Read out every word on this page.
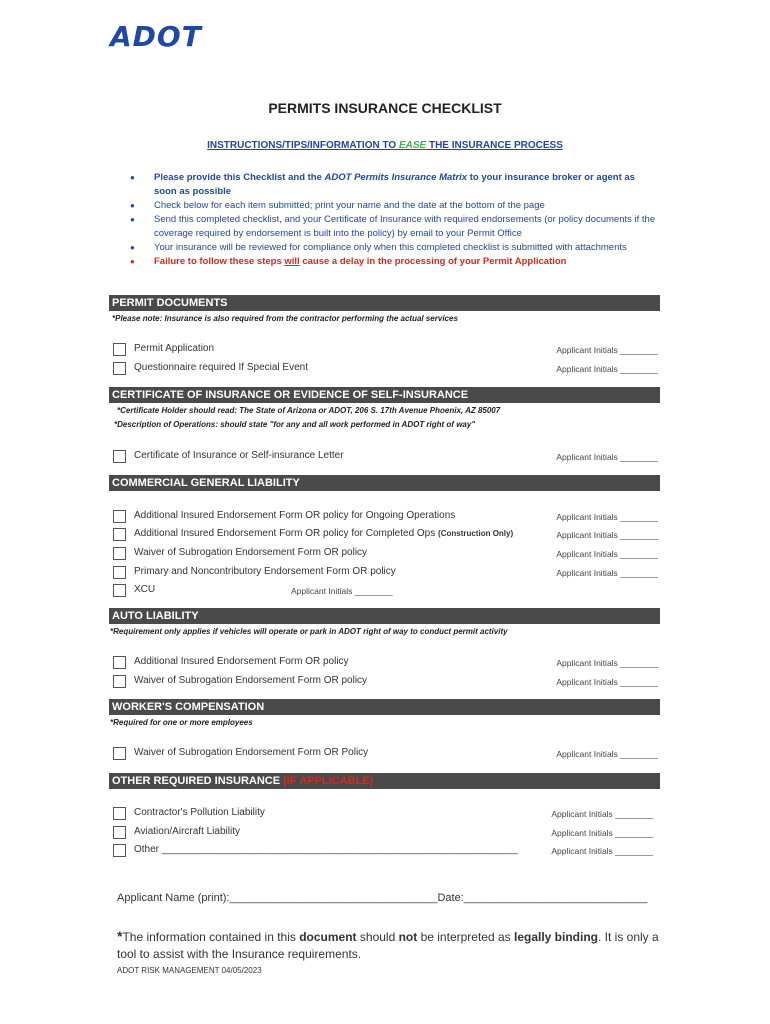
ADOT
PERMITS INSURANCE CHECKLIST
INSTRUCTIONS/TIPS/INFORMATION TO EASE THE INSURANCE PROCESS
● Please provide this Checklist and the ADOT Permits Insurance Matrix to your insurance broker or agent as soon as possible
● Check below for each item submitted; print your name and the date at the bottom of the page
● Send this completed checklist, and your Certificate of Insurance with required endorsements (or policy documents if the coverage required by endorsement is built into the policy) by email to your Permit Office
● Your insurance will be reviewed for compliance only when this completed checklist is submitted with attachments
● Failure to follow these steps will cause a delay in the processing of your Permit Application
PERMIT DOCUMENTS
*Please note: Insurance is also required from the contractor performing the actual services
Permit Application	Applicant Initials ________
Questionnaire required If Special Event	Applicant Initials ________
CERTIFICATE OF INSURANCE OR EVIDENCE OF SELF-INSURANCE
*Certificate Holder should read: The State of Arizona or ADOT, 206 S. 17th Avenue Phoenix, AZ 85007
*Description of Operations: should state "for any and all work performed in ADOT right of way"
Certificate of Insurance or Self-insurance Letter	Applicant Initials ________
COMMERCIAL GENERAL LIABILITY
Additional Insured Endorsement Form OR policy for Ongoing Operations	Applicant Initials ________
Additional Insured Endorsement Form OR policy for Completed Ops (Construction Only)	Applicant Initials ________
Waiver of Subrogation Endorsement Form OR policy	Applicant Initials ________
Primary and Noncontributory Endorsement Form OR policy	Applicant Initials ________
XCU	Applicant Initials ________
AUTO LIABILITY
*Requirement only applies if vehicles will operate or park in ADOT right of way to conduct permit activity
Additional Insured Endorsement Form OR policy	Applicant Initials ________
Waiver of Subrogation Endorsement Form OR policy	Applicant Initials ________
WORKER'S COMPENSATION
*Required for one or more employees
Waiver of Subrogation Endorsement Form OR Policy	Applicant Initials ________
OTHER REQUIRED INSURANCE (IF APPLICABLE)
Contractor's Pollution Liability	Applicant Initials ________
Aviation/Aircraft Liability	Applicant Initials ________
Other ________________________________________________________________	Applicant Initials ________
Applicant Name (print):__________________________________Date:______________________________
*The information contained in this document should not be interpreted as legally binding. It is only a tool to assist with the Insurance requirements.
ADOT RISK MANAGEMENT 04/05/2023
